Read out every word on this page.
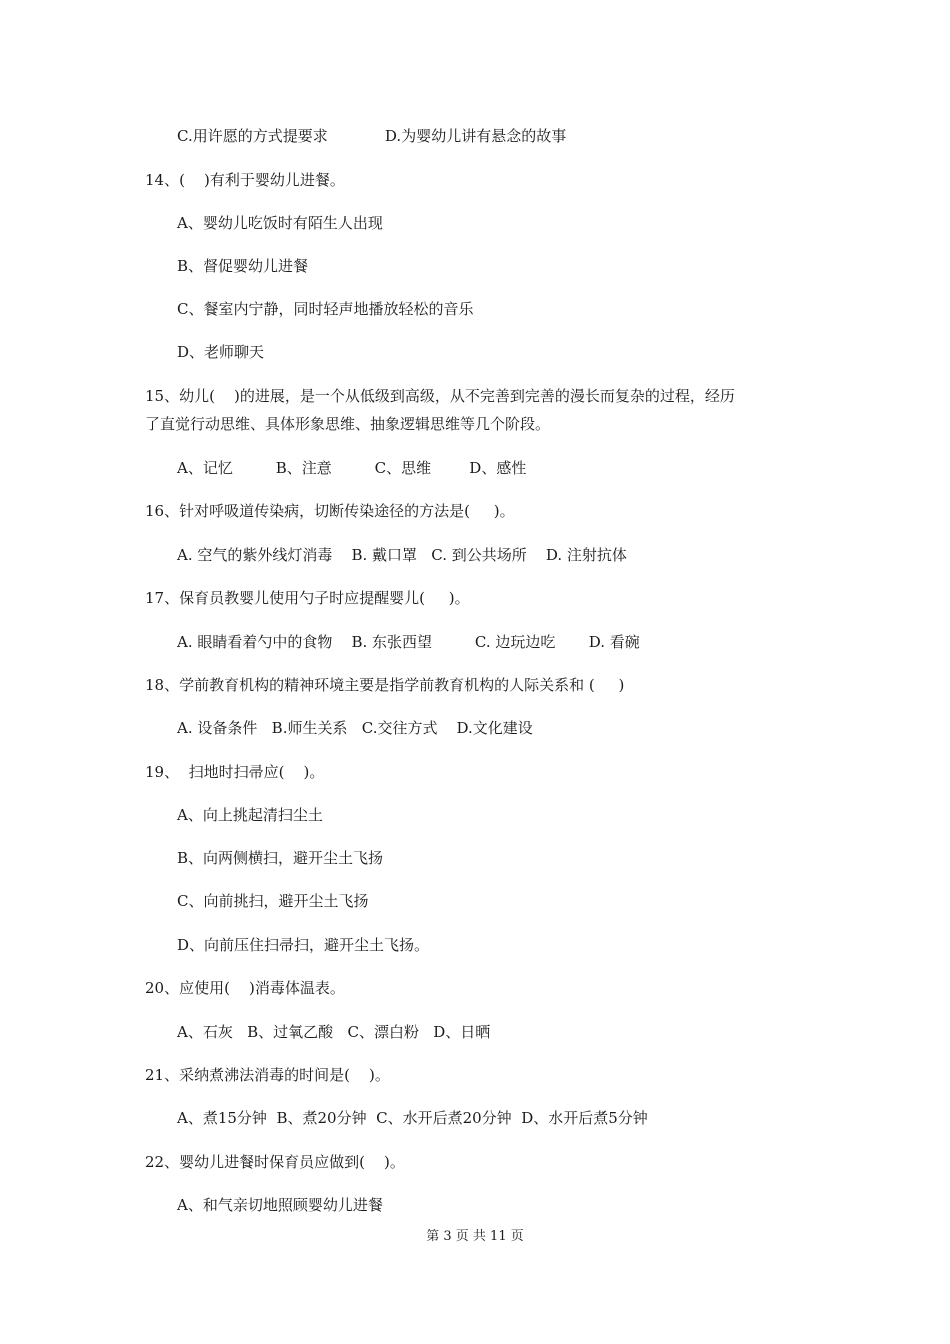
C.用许愿的方式提要求            D.为婴幼儿讲有悬念的故事
14、(    )有利于婴幼儿进餐。
A、婴幼儿吃饭时有陌生人出现
B、督促婴幼儿进餐
C、餐室内宁静，同时轻声地播放轻松的音乐
D、老师聊天
15、幼儿(    )的进展，是一个从低级到高级，从不完善到完善的漫长而复杂的过程，经历
了直觉行动思维、具体形象思维、抽象逻辑思维等几个阶段。
A、记忆         B、注意         C、思维        D、感性
16、针对呼吸道传染病，切断传染途径的方法是(     )。
A. 空气的紫外线灯消毒    B. 戴口罩   C. 到公共场所    D. 注射抗体
17、保育员教婴儿使用勺子时应提醒婴儿(     )。
A. 眼睛看着勺中的食物    B. 东张西望         C. 边玩边吃       D. 看碗
18、学前教育机构的精神环境主要是指学前教育机构的人际关系和 (     )
A. 设备条件   B.师生关系   C.交往方式    D.文化建设
19、  扫地时扫帚应(    )。
A、向上挑起清扫尘土
B、向两侧横扫，避开尘土飞扬
C、向前挑扫，避开尘土飞扬
D、向前压住扫帚扫，避开尘土飞扬。
20、应使用(    )消毒体温表。
A、石灰   B、过氧乙酸   C、漂白粉   D、日晒
21、采纳煮沸法消毒的时间是(    )。
A、煮15分钟  B、煮20分钟  C、水开后煮20分钟  D、水开后煮5分钟
22、婴幼儿进餐时保育员应做到(    )。
A、和气亲切地照顾婴幼儿进餐
第 3 页 共 11 页
